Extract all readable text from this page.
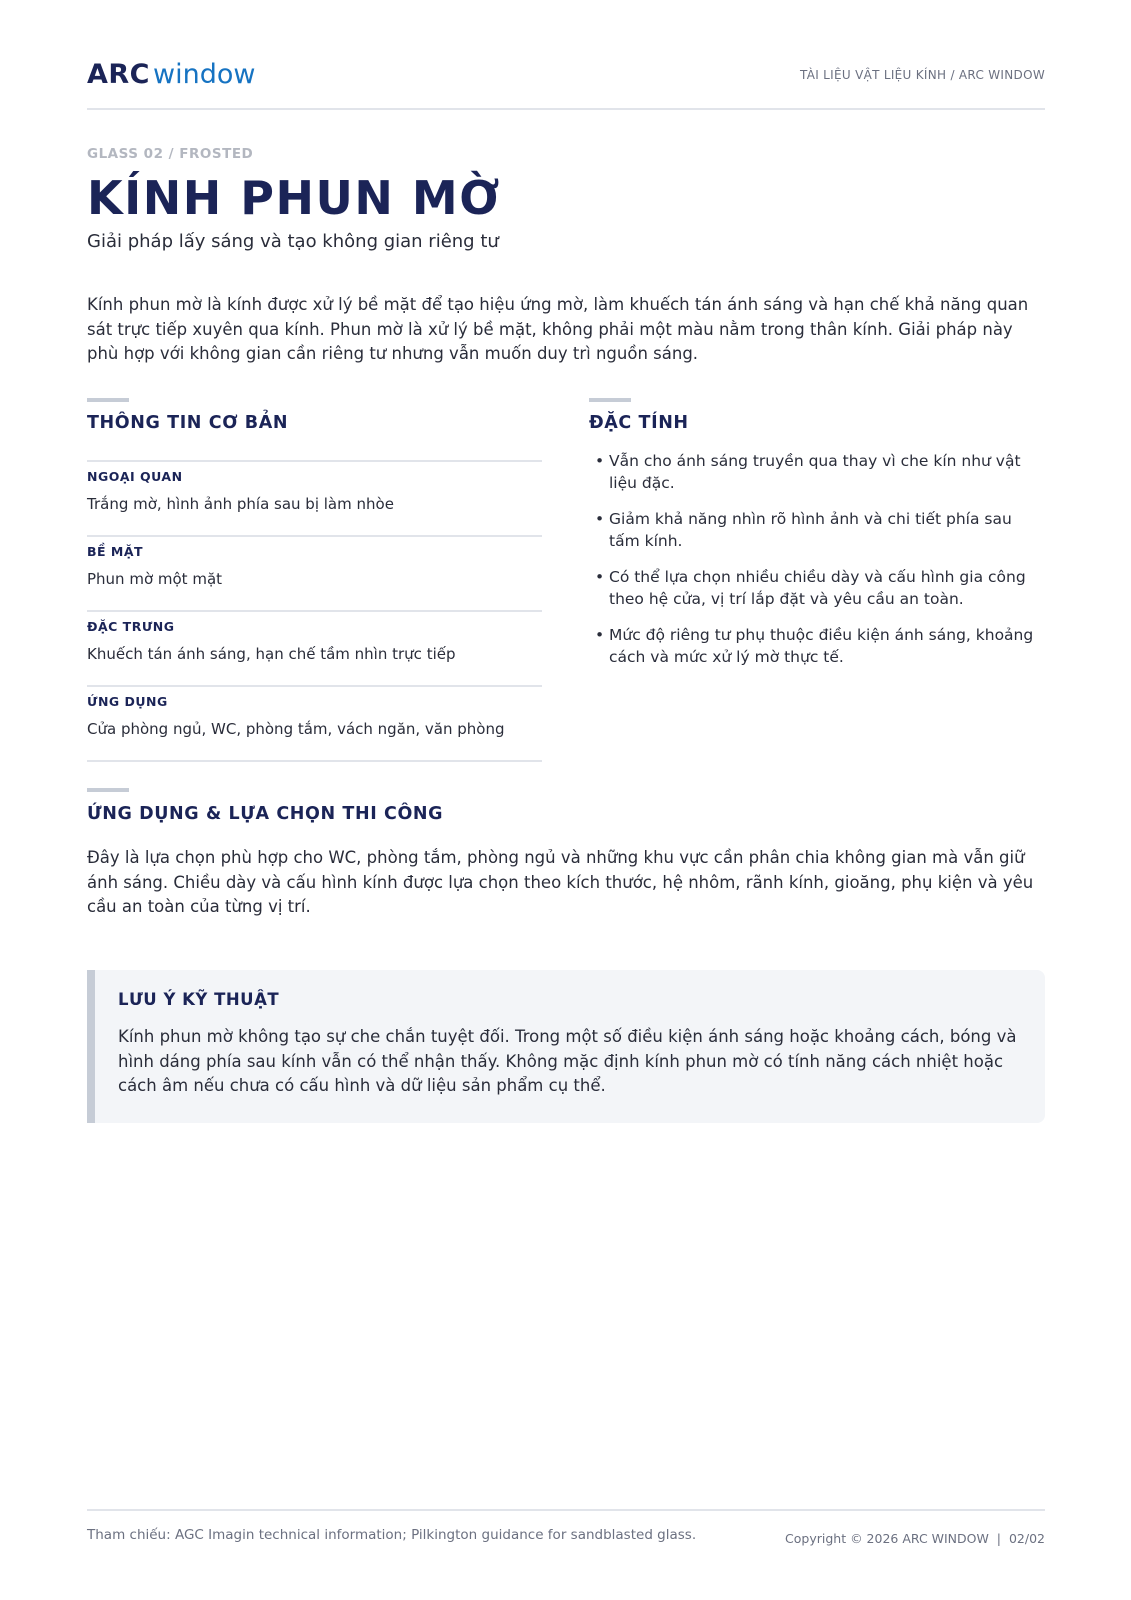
ARC window	TÀI LIỆU VẬT LIỆU KÍNH / ARC WINDOW
GLASS 02 / FROSTED
KÍNH PHUN MỜ
Giải pháp lấy sáng và tạo không gian riêng tư

Kính phun mờ là kính được xử lý bề mặt để tạo hiệu ứng mờ, làm khuếch tán ánh sáng và hạn chế khả năng quan sát trực tiếp xuyên qua kính. Phun mờ là xử lý bề mặt, không phải một màu nằm trong thân kính. Giải pháp này phù hợp với không gian cần riêng tư nhưng vẫn muốn duy trì nguồn sáng.

THÔNG TIN CƠ BẢN
NGOẠI QUAN
Trắng mờ, hình ảnh phía sau bị làm nhòe
BỀ MẶT
Phun mờ một mặt
ĐẶC TRƯNG
Khuếch tán ánh sáng, hạn chế tầm nhìn trực tiếp
ỨNG DỤNG
Cửa phòng ngủ, WC, phòng tắm, vách ngăn, văn phòng
ĐẶC TÍNH
• Vẫn cho ánh sáng truyền qua thay vì che kín như vật liệu đặc.
• Giảm khả năng nhìn rõ hình ảnh và chi tiết phía sau tấm kính.
• Có thể lựa chọn nhiều chiều dày và cấu hình gia công theo hệ cửa, vị trí lắp đặt và yêu cầu an toàn.
• Mức độ riêng tư phụ thuộc điều kiện ánh sáng, khoảng cách và mức xử lý mờ thực tế.
ỨNG DỤNG & LỰA CHỌN THI CÔNG

Đây là lựa chọn phù hợp cho WC, phòng tắm, phòng ngủ và những khu vực cần phân chia không gian mà vẫn giữ ánh sáng. Chiều dày và cấu hình kính được lựa chọn theo kích thước, hệ nhôm, rãnh kính, gioăng, phụ kiện và yêu cầu an toàn của từng vị trí.

LƯU Ý KỸ THUẬT

Kính phun mờ không tạo sự che chắn tuyệt đối. Trong một số điều kiện ánh sáng hoặc khoảng cách, bóng và hình dáng phía sau kính vẫn có thể nhận thấy. Không mặc định kính phun mờ có tính năng cách nhiệt hoặc cách âm nếu chưa có cấu hình và dữ liệu sản phẩm cụ thể.

Tham chiếu: AGC Imagin technical information; Pilkington guidance for sandblasted glass.	Copyright © 2026 ARC WINDOW  |  02/02
